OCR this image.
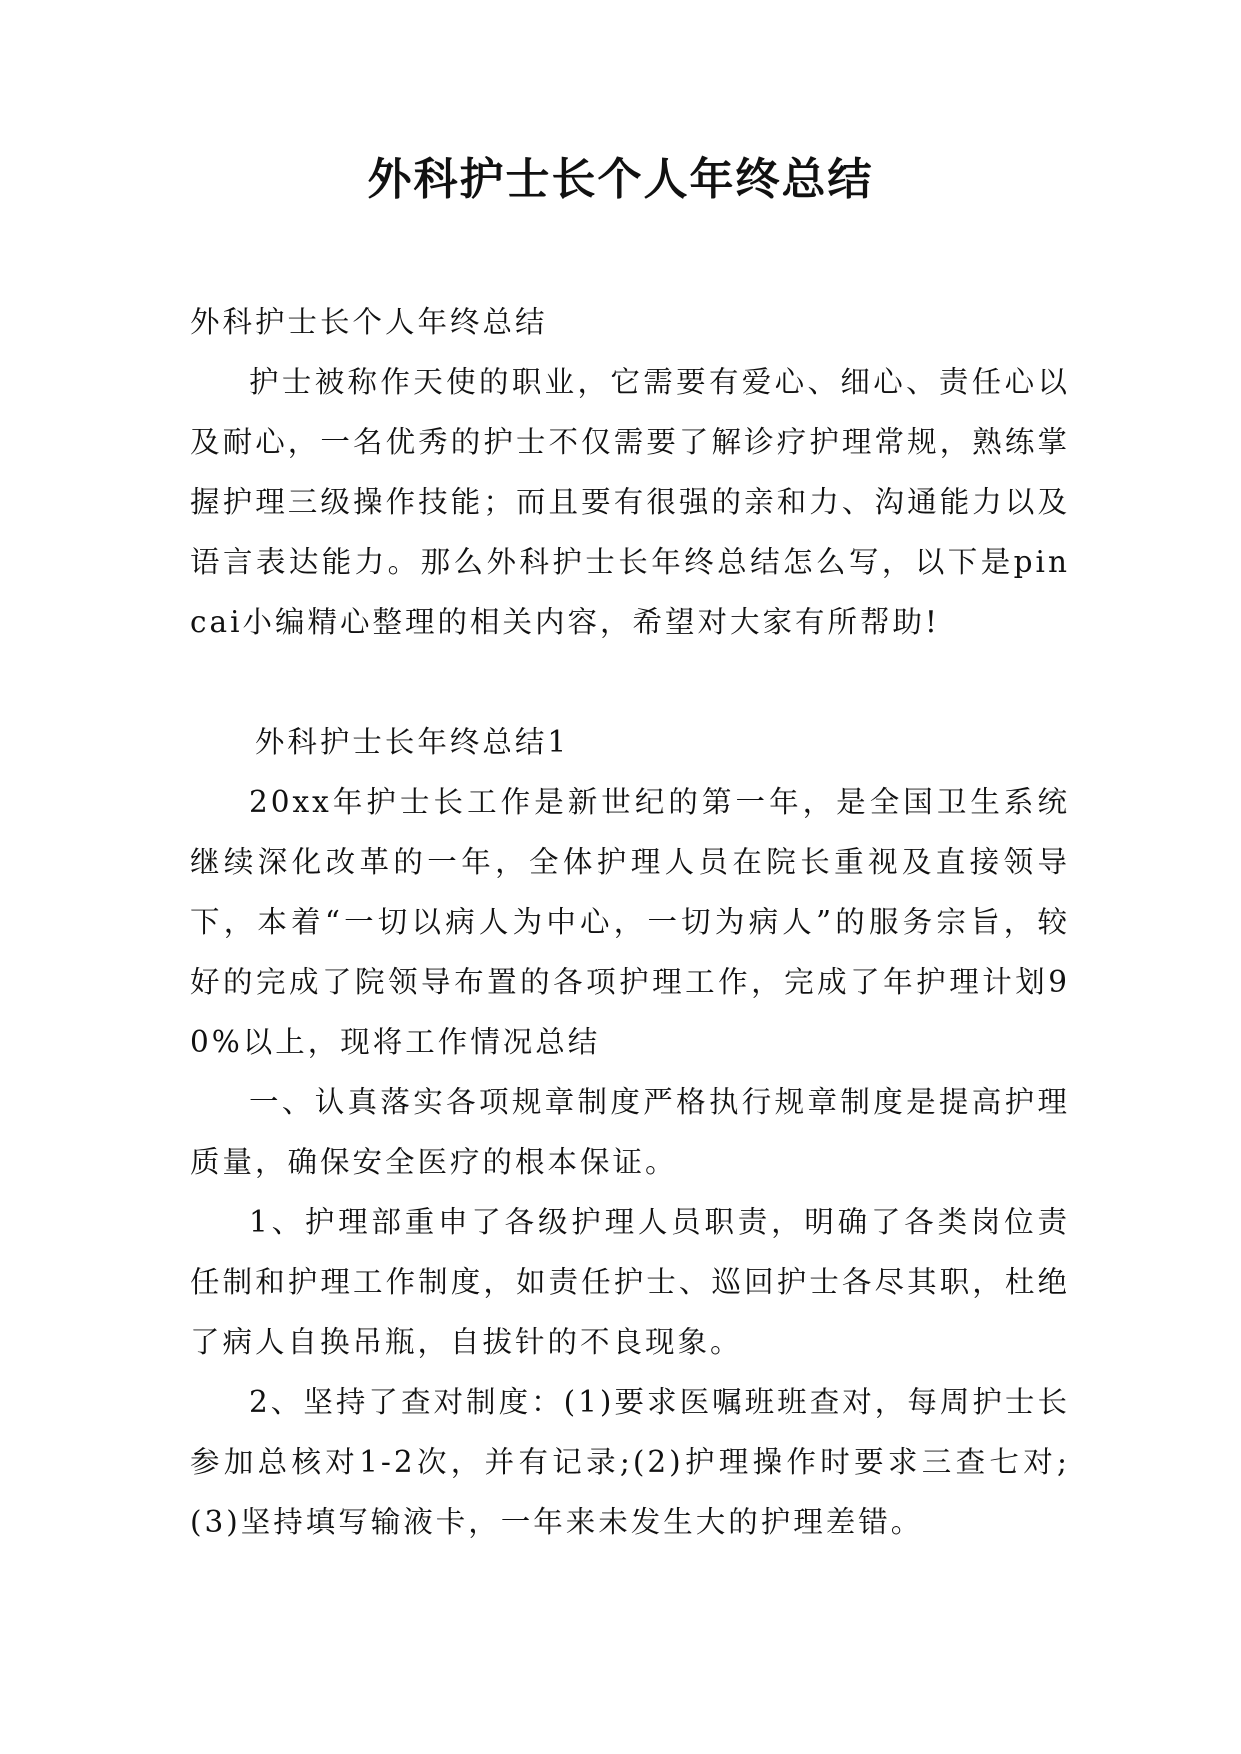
外科护士长个人年终总结

外科护士长个人年终总结

护士被称作天使的职业，它需要有爱心、细心、责任心以及耐心，一名优秀的护士不仅需要了解诊疗护理常规，熟练掌握护理三级操作技能；而且要有很强的亲和力、沟通能力以及语言表达能力。那么外科护士长年终总结怎么写，以下是pincai小编精心整理的相关内容，希望对大家有所帮助!

外科护士长年终总结1

20xx年护士长工作是新世纪的第一年，是全国卫生系统继续深化改革的一年，全体护理人员在院长重视及直接领导下，本着“一切以病人为中心，一切为病人”的服务宗旨，较好的完成了院领导布置的各项护理工作，完成了年护理计划90%以上，现将工作情况总结

一、认真落实各项规章制度严格执行规章制度是提高护理质量，确保安全医疗的根本保证。

1、护理部重申了各级护理人员职责，明确了各类岗位责任制和护理工作制度，如责任护士、巡回护士各尽其职，杜绝了病人自换吊瓶，自拔针的不良现象。

2、坚持了查对制度：(1)要求医嘱班班查对，每周护士长参加总核对1-2次，并有记录;(2)护理操作时要求三查七对;(3)坚持填写输液卡，一年来未发生大的护理差错。
